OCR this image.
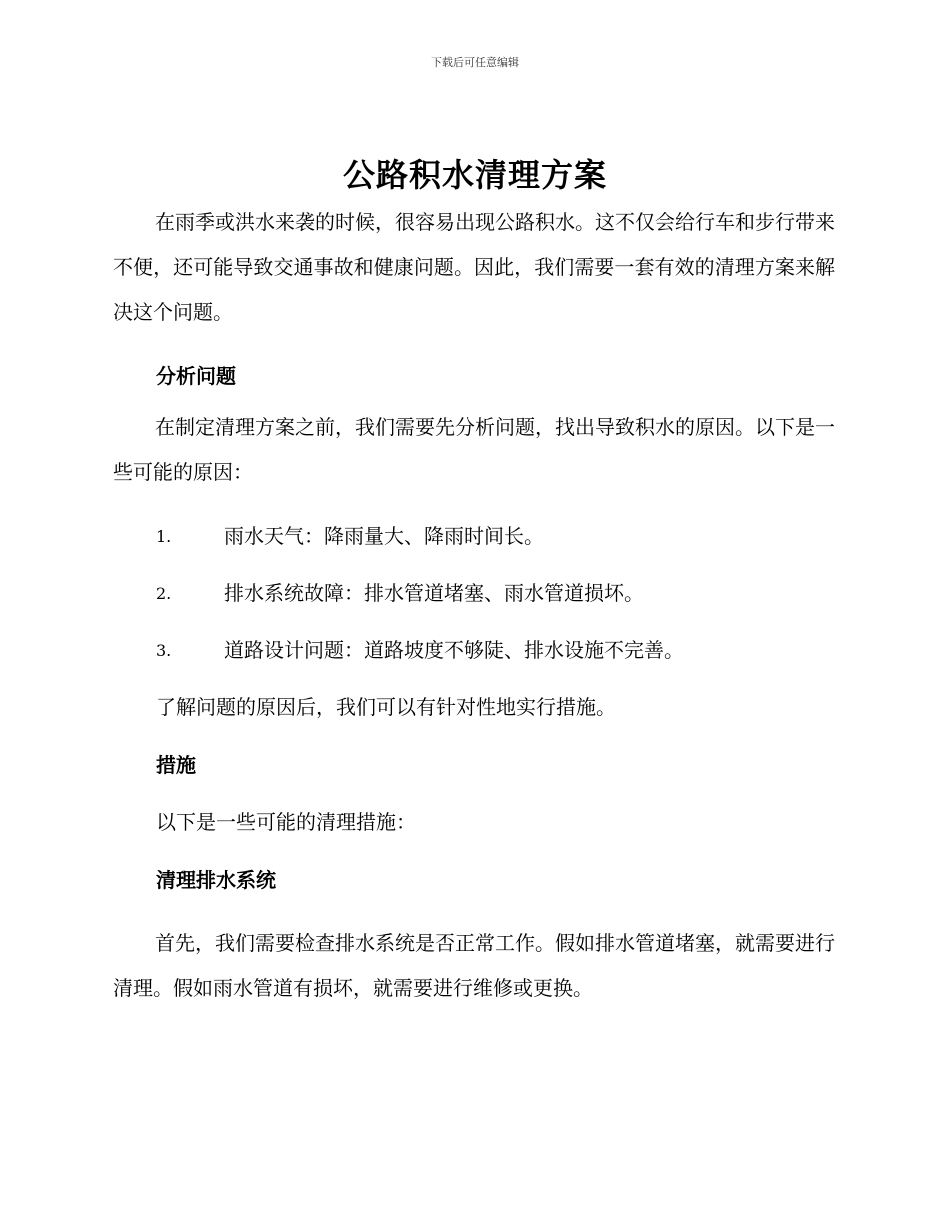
下载后可任意编辑
公路积水清理方案

在雨季或洪水来袭的时候，很容易出现公路积水。这不仅会给行车和步行带来不便，还可能导致交通事故和健康问题。因此，我们需要一套有效的清理方案来解决这个问题。

分析问题

在制定清理方案之前，我们需要先分析问题，找出导致积水的原因。以下是一些可能的原因：

1.	雨水天气：降雨量大、降雨时间长。
2.	排水系统故障：排水管道堵塞、雨水管道损坏。
3.	道路设计问题：道路坡度不够陡、排水设施不完善。

了解问题的原因后，我们可以有针对性地实行措施。

措施

以下是一些可能的清理措施：

清理排水系统

首先，我们需要检查排水系统是否正常工作。假如排水管道堵塞，就需要进行清理。假如雨水管道有损坏，就需要进行维修或更换。
